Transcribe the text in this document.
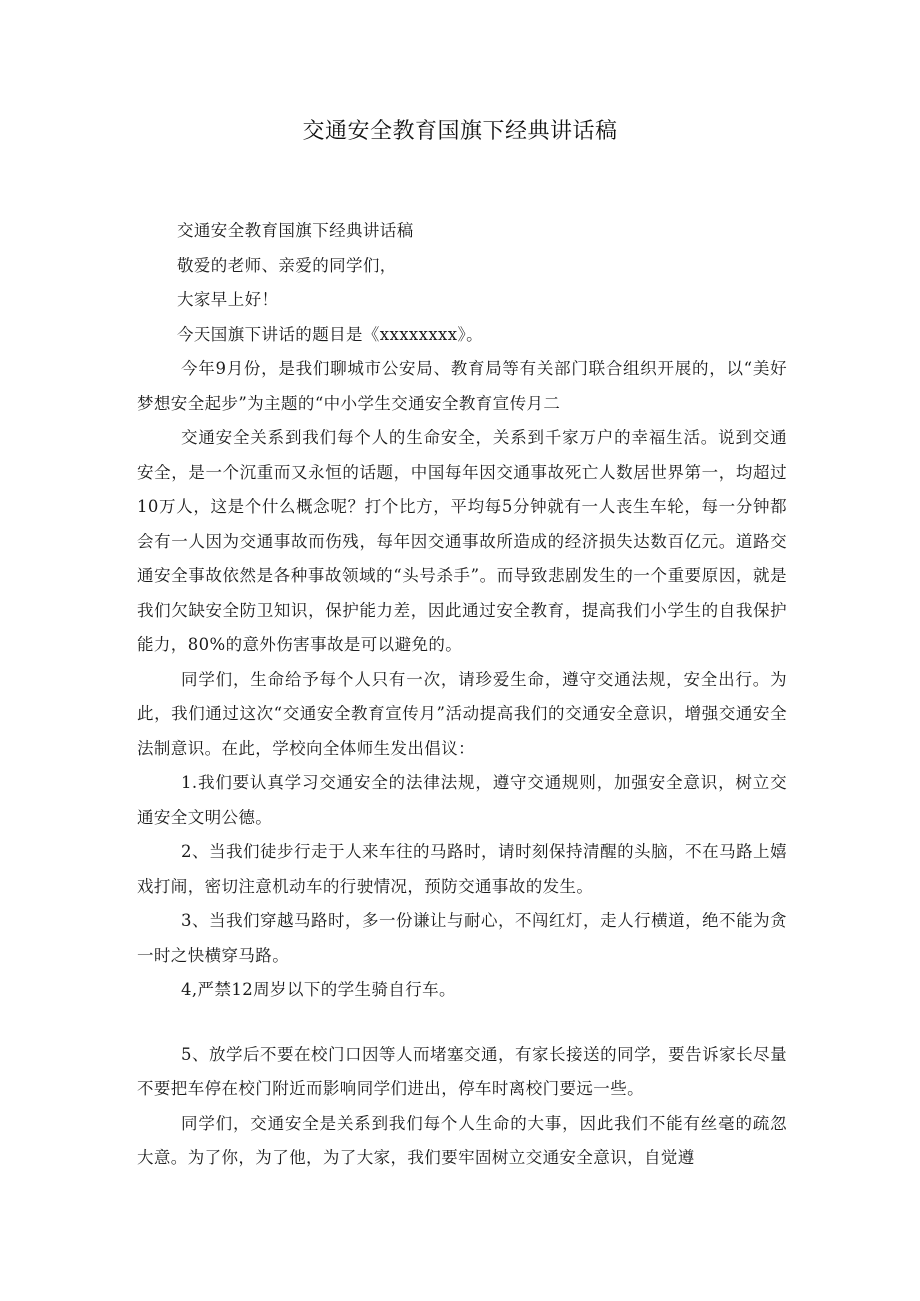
交通安全教育国旗下经典讲话稿

交通安全教育国旗下经典讲话稿

敬爱的老师、亲爱的同学们，

大家早上好！

今天国旗下讲话的题目是《xxxxxxxx》。

今年9月份，是我们聊城市公安局、教育局等有关部门联合组织开展的，以“美好梦想安全起步”为主题的“中小学生交通安全教育宣传月二

交通安全关系到我们每个人的生命安全，关系到千家万户的幸福生活。说到交通安全，是一个沉重而又永恒的话题，中国每年因交通事故死亡人数居世界第一，均超过10万人，这是个什么概念呢？打个比方，平均每5分钟就有一人丧生车轮，每一分钟都会有一人因为交通事故而伤残，每年因交通事故所造成的经济损失达数百亿元。道路交通安全事故依然是各种事故领域的“头号杀手”。而导致悲剧发生的一个重要原因，就是我们欠缺安全防卫知识，保护能力差，因此通过安全教育，提高我们小学生的自我保护能力，80%的意外伤害事故是可以避免的。

同学们，生命给予每个人只有一次，请珍爱生命，遵守交通法规，安全出行。为此，我们通过这次“交通安全教育宣传月”活动提高我们的交通安全意识，增强交通安全法制意识。在此，学校向全体师生发出倡议：

1.我们要认真学习交通安全的法律法规，遵守交通规则，加强安全意识，树立交通安全文明公德。

2、当我们徒步行走于人来车往的马路时，请时刻保持清醒的头脑，不在马路上嬉戏打闹，密切注意机动车的行驶情况，预防交通事故的发生。

3、当我们穿越马路时，多一份谦让与耐心，不闯红灯，走人行横道，绝不能为贪一时之快横穿马路。

4,严禁12周岁以下的学生骑自行车。

5、放学后不要在校门口因等人而堵塞交通，有家长接送的同学，要告诉家长尽量不要把车停在校门附近而影响同学们进出，停车时离校门要远一些。

同学们，交通安全是关系到我们每个人生命的大事，因此我们不能有丝毫的疏忽大意。为了你，为了他，为了大家，我们要牢固树立交通安全意识，自觉遵
